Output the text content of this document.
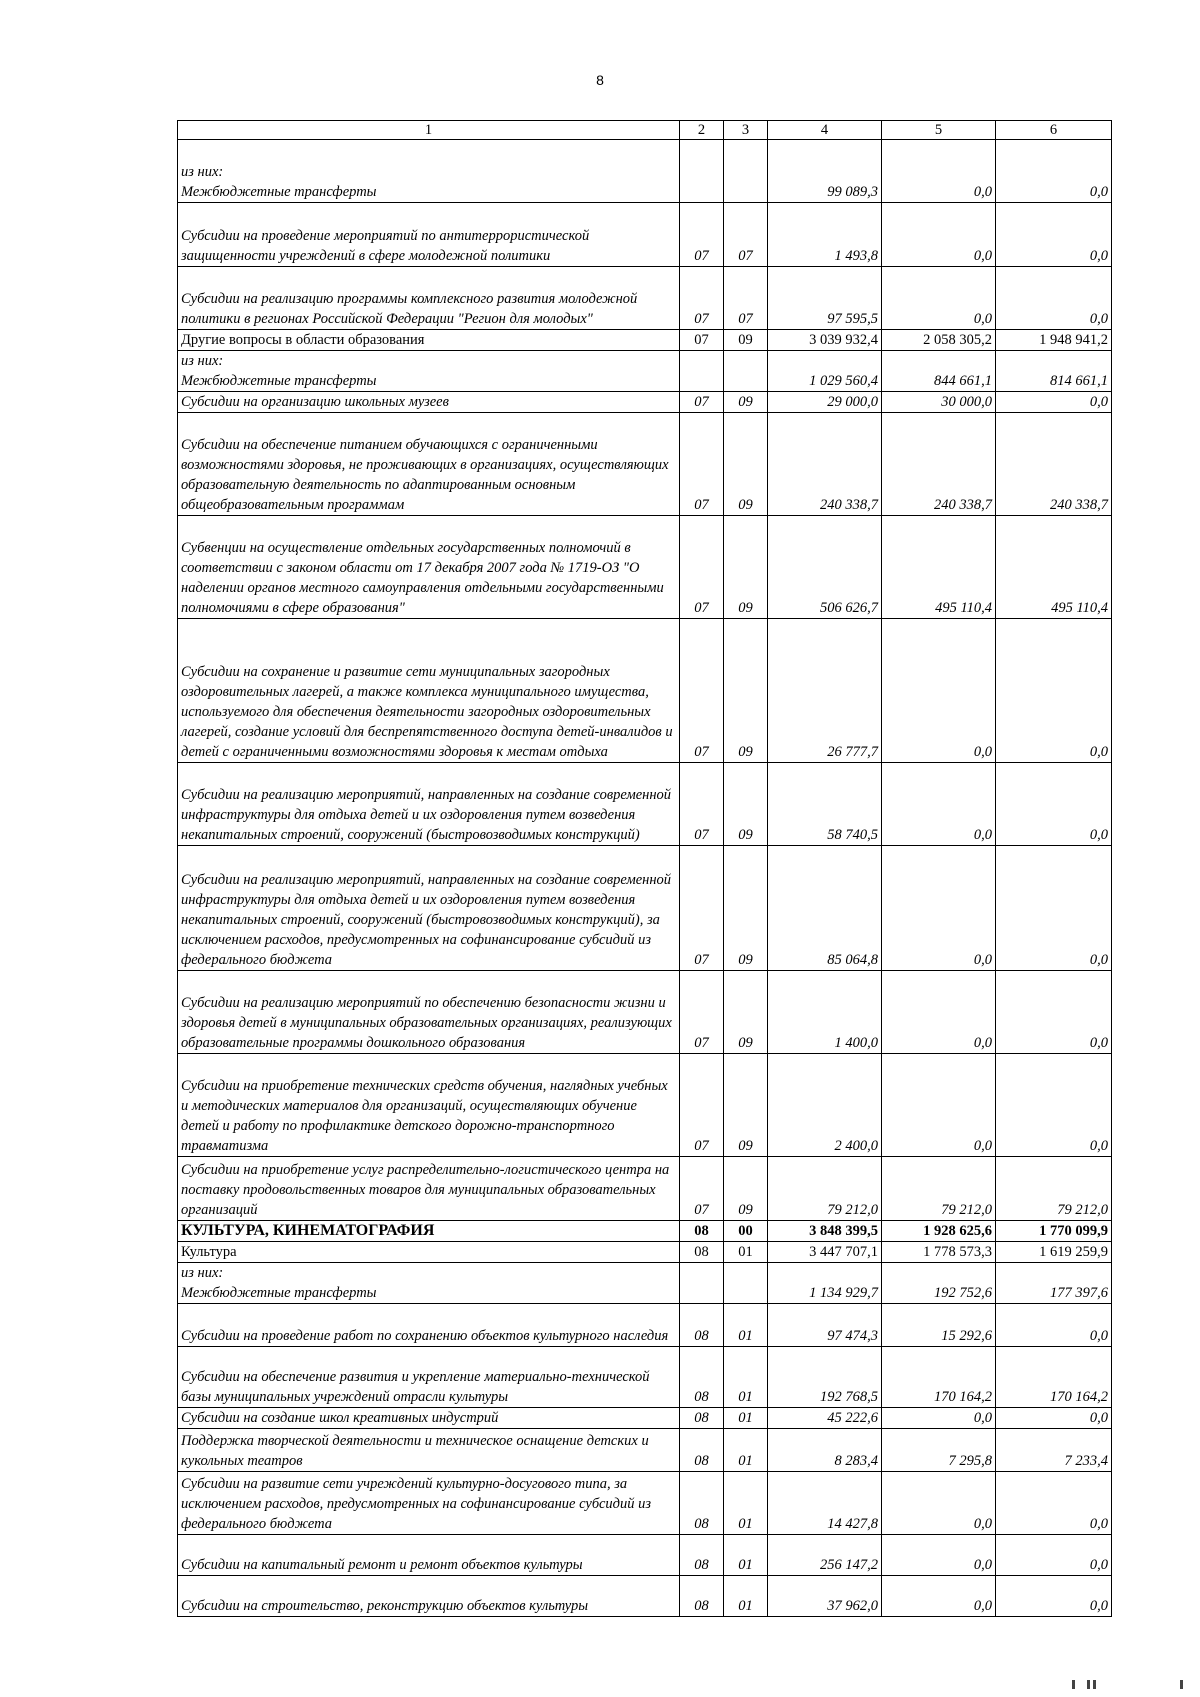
8
1	2	3	4	5	6
из них:
Межбюджетные трансферты			99 089,3	0,0	0,0
Субсидии на проведение мероприятий по антитеррористической защищенности учреждений в сфере молодежной политики	07	07	1 493,8	0,0	0,0
Субсидии на реализацию программы комплексного развития молодежной политики в регионах Российской Федерации "Регион для молодых"	07	07	97 595,5	0,0	0,0
Другие вопросы в области образования	07	09	3 039 932,4	2 058 305,2	1 948 941,2
из них:
Межбюджетные трансферты			1 029 560,4	844 661,1	814 661,1
Субсидии на организацию школьных музеев	07	09	29 000,0	30 000,0	0,0
Субсидии на обеспечение питанием обучающихся с ограниченными возможностями здоровья, не проживающих в организациях, осуществляющих образовательную деятельность по адаптированным основным общеобразовательным программам	07	09	240 338,7	240 338,7	240 338,7
Субвенции на осуществление отдельных государственных полномочий в соответствии с законом области от 17 декабря 2007 года № 1719-ОЗ "О наделении органов местного самоуправления отдельными государственными полномочиями в сфере образования"	07	09	506 626,7	495 110,4	495 110,4
Субсидии на сохранение и развитие сети муниципальных загородных оздоровительных лагерей, а также комплекса муниципального имущества, используемого для обеспечения деятельности загородных оздоровительных лагерей, создание условий для беспрепятственного доступа детей-инвалидов и детей с ограниченными возможностями здоровья к местам отдыха	07	09	26 777,7	0,0	0,0
Субсидии на реализацию мероприятий, направленных на создание современной инфраструктуры для отдыха детей и их оздоровления путем возведения некапитальных строений, сооружений (быстровозводимых конструкций)	07	09	58 740,5	0,0	0,0
Субсидии на реализацию мероприятий, направленных на создание современной инфраструктуры для отдыха детей и их оздоровления путем возведения некапитальных строений, сооружений (быстровозводимых конструкций), за исключением расходов, предусмотренных на софинансирование субсидий из федерального бюджета	07	09	85 064,8	0,0	0,0
Субсидии на реализацию мероприятий по обеспечению безопасности жизни и здоровья детей в муниципальных образовательных организациях, реализующих образовательные программы дошкольного образования	07	09	1 400,0	0,0	0,0
Субсидии на приобретение технических средств обучения, наглядных учебных и методических материалов для организаций, осуществляющих обучение детей и работу по профилактике детского дорожно-транспортного травматизма	07	09	2 400,0	0,0	0,0
Субсидии на приобретение услуг распределительно-логистического центра на поставку продовольственных товаров для муниципальных образовательных организаций	07	09	79 212,0	79 212,0	79 212,0
КУЛЬТУРА, КИНЕМАТОГРАФИЯ	08	00	3 848 399,5	1 928 625,6	1 770 099,9
Культура	08	01	3 447 707,1	1 778 573,3	1 619 259,9
из них:
Межбюджетные трансферты			1 134 929,7	192 752,6	177 397,6
Субсидии на проведение работ по сохранению объектов культурного наследия	08	01	97 474,3	15 292,6	0,0
Субсидии на обеспечение развития и укрепление материально-технической базы муниципальных учреждений отрасли культуры	08	01	192 768,5	170 164,2	170 164,2
Субсидии на создание школ креативных индустрий	08	01	45 222,6	0,0	0,0
Поддержка творческой деятельности и техническое оснащение детских и кукольных театров	08	01	8 283,4	7 295,8	7 233,4
Субсидии на развитие сети учреждений культурно-досугового типа, за исключением расходов, предусмотренных на софинансирование субсидий из федерального бюджета	08	01	14 427,8	0,0	0,0
Субсидии на капитальный ремонт и ремонт объектов культуры	08	01	256 147,2	0,0	0,0
Субсидии на строительство, реконструкцию объектов культуры	08	01	37 962,0	0,0	0,0
